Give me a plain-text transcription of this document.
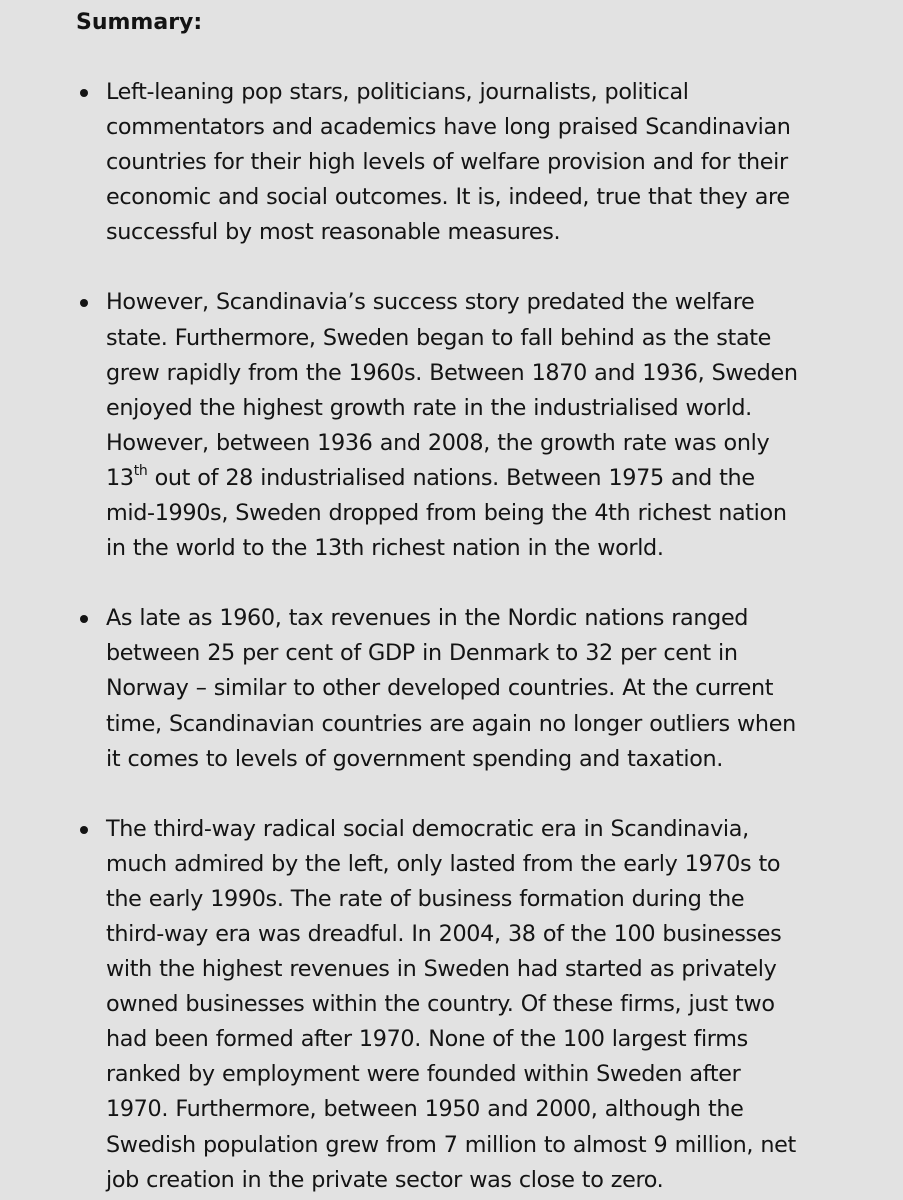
Summary:
Left-leaning pop stars, politicians, journalists, political
commentators and academics have long praised Scandinavian
countries for their high levels of welfare provision and for their
economic and social outcomes. It is, indeed, true that they are
successful by most reasonable measures.
However, Scandinavia’s success story predated the welfare
state. Furthermore, Sweden began to fall behind as the state
grew rapidly from the 1960s. Between 1870 and 1936, Sweden
enjoyed the highest growth rate in the industrialised world.
However, between 1936 and 2008, the growth rate was only
13th out of 28 industrialised nations. Between 1975 and the
mid-1990s, Sweden dropped from being the 4th richest nation
in the world to the 13th richest nation in the world.
As late as 1960, tax revenues in the Nordic nations ranged
between 25 per cent of GDP in Denmark to 32 per cent in
Norway – similar to other developed countries. At the current
time, Scandinavian countries are again no longer outliers when
it comes to levels of government spending and taxation.
The third-way radical social democratic era in Scandinavia,
much admired by the left, only lasted from the early 1970s to
the early 1990s. The rate of business formation during the
third-way era was dreadful. In 2004, 38 of the 100 businesses
with the highest revenues in Sweden had started as privately
owned businesses within the country. Of these firms, just two
had been formed after 1970. None of the 100 largest firms
ranked by employment were founded within Sweden after
1970. Furthermore, between 1950 and 2000, although the
Swedish population grew from 7 million to almost 9 million, net
job creation in the private sector was close to zero.
